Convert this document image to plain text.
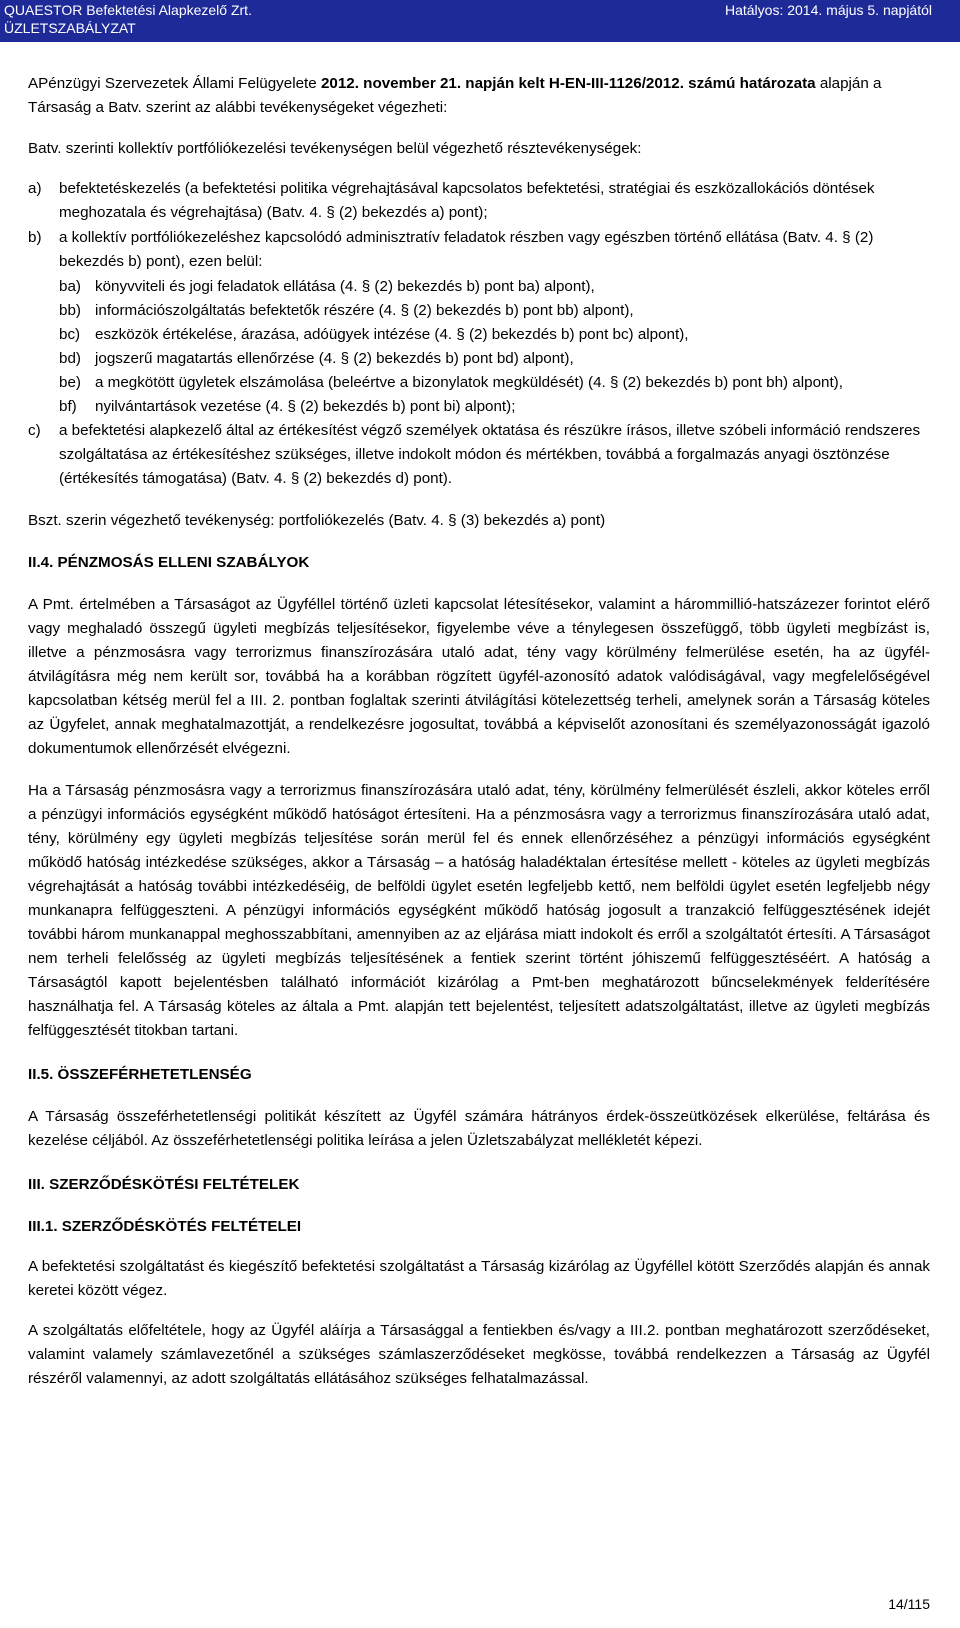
QUAESTOR Befektetési Alapkezelő Zrt.
ÜZLETSZABÁLYZAT
Hatályos: 2014. május 5. napjától

APénzügyi Szervezetek Állami Felügyelete 2012. november 21. napján kelt H-EN-III-1126/2012. számú határozata alapján a Társaság a Batv. szerint az alábbi tevékenységeket végezheti:

Batv. szerinti kollektív portfóliókezelési tevékenységen belül végezhető résztevékenységek:

a)	befektetéskezelés (a befektetési politika végrehajtásával kapcsolatos befektetési, stratégiai és eszközallokációs döntések meghozatala és végrehajtása) (Batv. 4. § (2) bekezdés a) pont);
b)	a kollektív portfóliókezeléshez kapcsolódó adminisztratív feladatok részben vagy egészben történő ellátása (Batv. 4. § (2) bekezdés b) pont), ezen belül:
ba) könyvviteli és jogi feladatok ellátása (4. § (2) bekezdés b) pont ba) alpont),
bb) információszolgáltatás befektetők részére (4. § (2) bekezdés b) pont bb) alpont),
bc) eszközök értékelése, árazása, adóügyek intézése (4. § (2) bekezdés b) pont bc) alpont),
bd) jogszerű magatartás ellenőrzése (4. § (2) bekezdés b) pont bd) alpont),
be) a megkötött ügyletek elszámolása (beleértve a bizonylatok megküldését) (4. § (2) bekezdés b) pont bh) alpont),
bf)	nyilvántartások vezetése (4. § (2) bekezdés b) pont bi) alpont);
c)	a befektetési alapkezelő által az értékesítést végző személyek oktatása és részükre írásos, illetve szóbeli információ rendszeres szolgáltatása az értékesítéshez szükséges, illetve indokolt módon és mértékben, továbbá a forgalmazás anyagi ösztönzése (értékesítés támogatása) (Batv. 4. § (2) bekezdés d) pont).

Bszt. szerin végezhető tevékenység: portfoliókezelés (Batv. 4. § (3) bekezdés a) pont)

II.4. PÉNZMOSÁS ELLENI SZABÁLYOK

A Pmt. értelmében a Társaságot az Ügyféllel történő üzleti kapcsolat létesítésekor, valamint a hárommillió-hatszázezer forintot elérő vagy meghaladó összegű ügyleti megbízás teljesítésekor, figyelembe véve a ténylegesen összefüggő, több ügyleti megbízást is, illetve a pénzmosásra vagy terrorizmus finanszírozására utaló adat, tény vagy körülmény felmerülése esetén, ha az ügyfél-átvilágításra még nem került sor, továbbá ha a korábban rögzített ügyfél-azonosító adatok valódiságával, vagy megfelelőségével kapcsolatban kétség merül fel a III. 2. pontban foglaltak szerinti átvilágítási kötelezettség terheli, amelynek során a Társaság köteles az Ügyfelet, annak meghatalmazottját, a rendelkezésre jogosultat, továbbá a képviselőt azonosítani és személyazonosságát igazoló dokumentumok ellenőrzését elvégezni.

Ha a Társaság pénzmosásra vagy a terrorizmus finanszírozására utaló adat, tény, körülmény felmerülését észleli, akkor köteles erről a pénzügyi információs egységként működő hatóságot értesíteni. Ha a pénzmosásra vagy a terrorizmus finanszírozására utaló adat, tény, körülmény egy ügyleti megbízás teljesítése során merül fel és ennek ellenőrzéséhez a pénzügyi információs egységként működő hatóság intézkedése szükséges, akkor a Társaság – a hatóság haladéktalan értesítése mellett - köteles az ügyleti megbízás végrehajtását a hatóság további intézkedéséig, de belföldi ügylet esetén legfeljebb kettő, nem belföldi ügylet esetén legfeljebb négy munkanapra felfüggeszteni. A pénzügyi információs egységként működő hatóság jogosult a tranzakció felfüggesztésének idejét további három munkanappal meghosszabbítani, amennyiben az az eljárása miatt indokolt és erről a szolgáltatót értesíti. A Társaságot nem terheli felelősség az ügyleti megbízás teljesítésének a fentiek szerint történt jóhiszemű felfüggesztéséért. A hatóság a Társaságtól kapott bejelentésben található információt kizárólag a Pmt-ben meghatározott bűncselekmények felderítésére használhatja fel. A Társaság köteles az általa a Pmt. alapján tett bejelentést, teljesített adatszolgáltatást, illetve az ügyleti megbízás felfüggesztését titokban tartani.

II.5. ÖSSZEFÉRHETETLENSÉG

A Társaság összeférhetetlenségi politikát készített az Ügyfél számára hátrányos érdek-összeütközések elkerülése, feltárása és kezelése céljából. Az összeférhetetlenségi politika leírása a jelen Üzletszabályzat mellékletét képezi.

III. SZERZŐDÉSKÖTÉSI FELTÉTELEK

III.1. SZERZŐDÉSKÖTÉS FELTÉTELEI

A befektetési szolgáltatást és kiegészítő befektetési szolgáltatást a Társaság kizárólag az Ügyféllel kötött Szerződés alapján és annak keretei között végez.

A szolgáltatás előfeltétele, hogy az Ügyfél aláírja a Társasággal a fentiekben és/vagy a III.2. pontban meghatározott szerződéseket, valamint valamely számlavezetőnél a szükséges számlaszerződéseket megkösse, továbbá rendelkezzen a Társaság az Ügyfél részéről valamennyi, az adott szolgáltatás ellátásához szükséges felhatalmazással.

14/115
